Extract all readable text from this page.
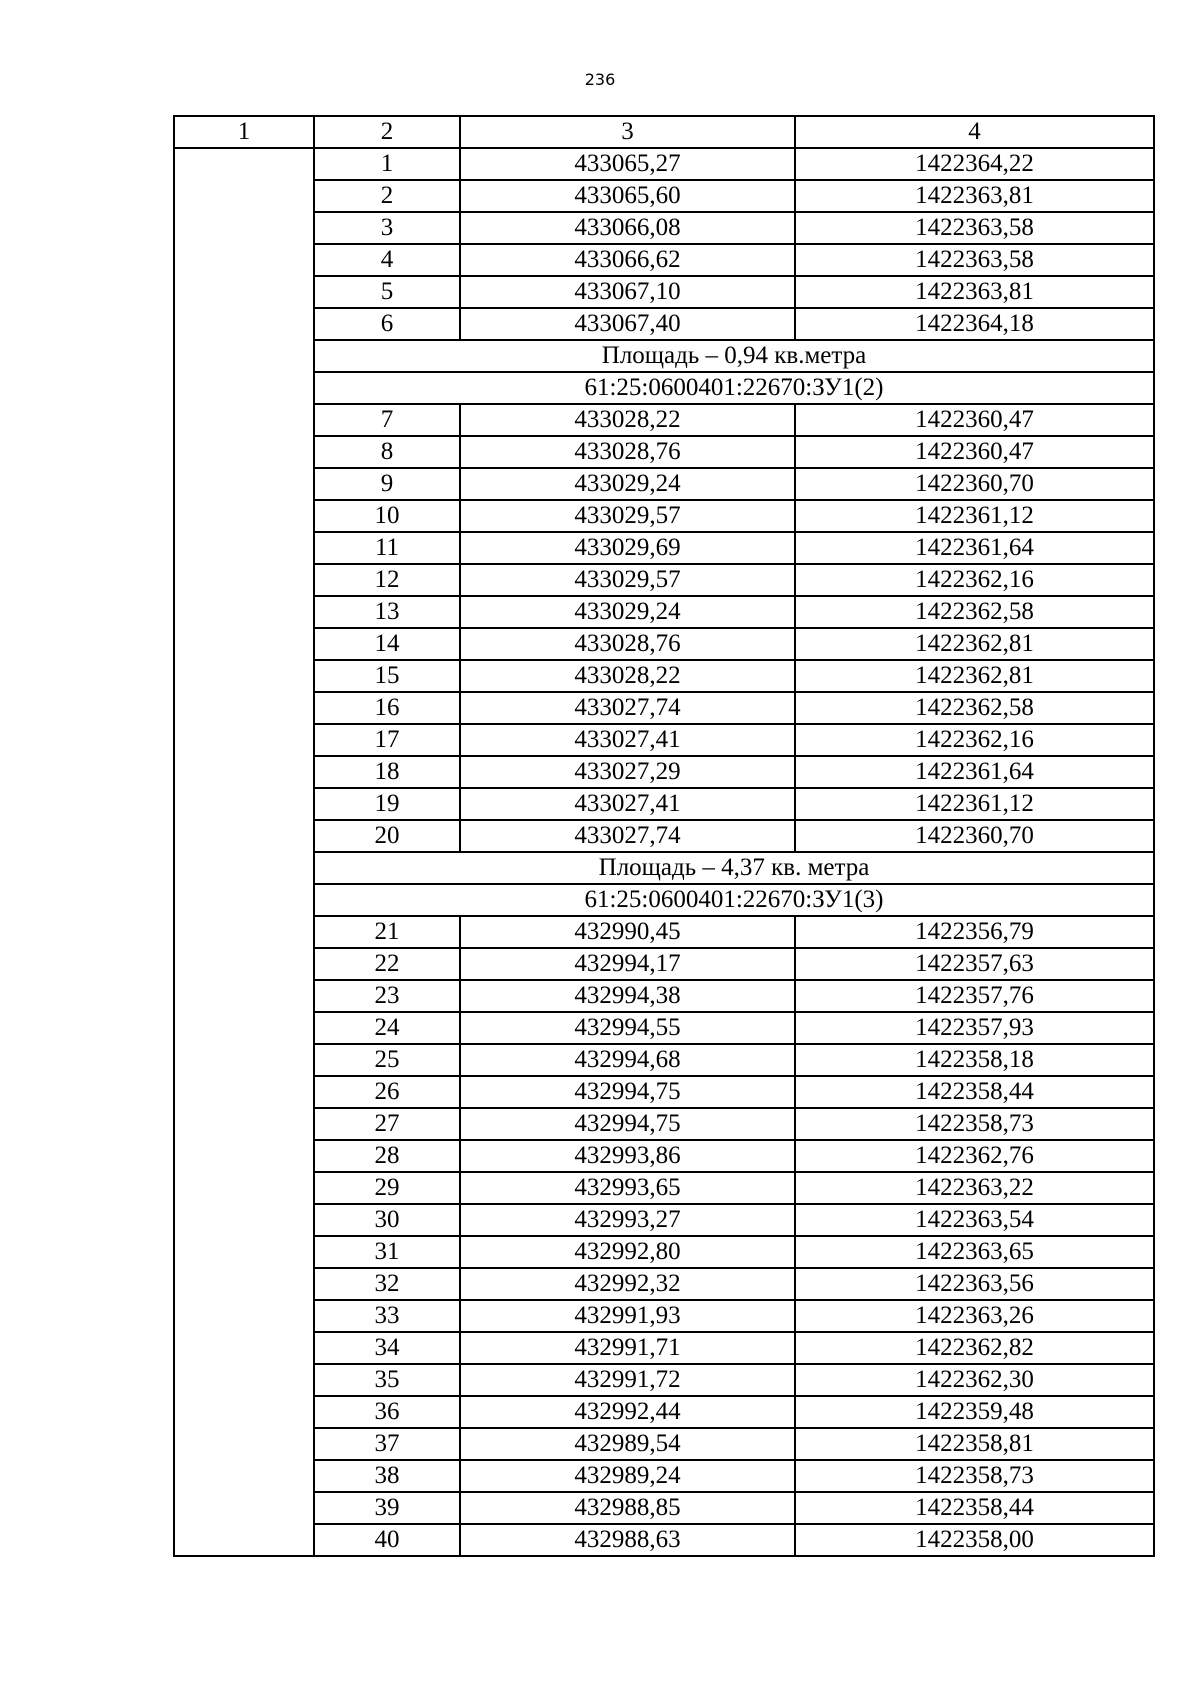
236
1	2	3	4
	1	433065,27	1422364,22
	2	433065,60	1422363,81
	3	433066,08	1422363,58
	4	433066,62	1422363,58
	5	433067,10	1422363,81
	6	433067,40	1422364,18
	Площадь – 0,94 кв.метра		
	61:25:0600401:22670:ЗУ1(2)		
	7	433028,22	1422360,47
	8	433028,76	1422360,47
	9	433029,24	1422360,70
	10	433029,57	1422361,12
	11	433029,69	1422361,64
	12	433029,57	1422362,16
	13	433029,24	1422362,58
	14	433028,76	1422362,81
	15	433028,22	1422362,81
	16	433027,74	1422362,58
	17	433027,41	1422362,16
	18	433027,29	1422361,64
	19	433027,41	1422361,12
	20	433027,74	1422360,70
	Площадь – 4,37 кв. метра		
	61:25:0600401:22670:ЗУ1(3)		
	21	432990,45	1422356,79
	22	432994,17	1422357,63
	23	432994,38	1422357,76
	24	432994,55	1422357,93
	25	432994,68	1422358,18
	26	432994,75	1422358,44
	27	432994,75	1422358,73
	28	432993,86	1422362,76
	29	432993,65	1422363,22
	30	432993,27	1422363,54
	31	432992,80	1422363,65
	32	432992,32	1422363,56
	33	432991,93	1422363,26
	34	432991,71	1422362,82
	35	432991,72	1422362,30
	36	432992,44	1422359,48
	37	432989,54	1422358,81
	38	432989,24	1422358,73
	39	432988,85	1422358,44
	40	432988,63	1422358,00
